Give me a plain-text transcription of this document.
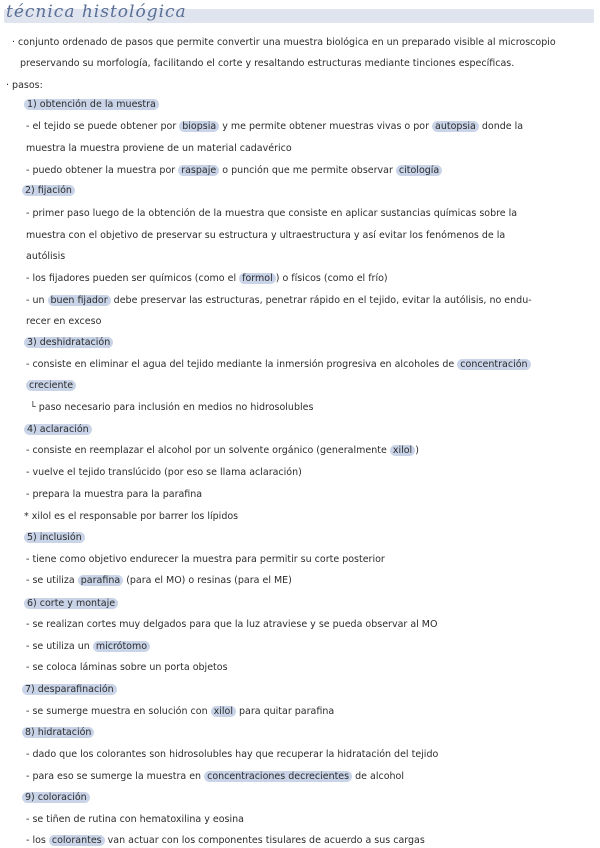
técnica histológica
· conjunto ordenado de pasos que permite convertir una muestra biológica en un preparado visible al microscopio
preservando su morfología, facilitando el corte y resaltando estructuras mediante tinciones específicas.
· pasos:
1) obtención de la muestra
- el tejido se puede obtener por biopsia y me permite obtener muestras vivas o por autopsia donde la
muestra la muestra proviene de un material cadavérico
- puedo obtener la muestra por raspaje o punción que me permite observar citología
2) fijación
- primer paso luego de la obtención de la muestra que consiste en aplicar sustancias químicas sobre la
muestra con el objetivo de preservar su estructura y ultraestructura y así evitar los fenómenos de la
autólisis
- los fijadores pueden ser químicos (como el formol ) o físicos (como el frío)
- un buen fijador debe preservar las estructuras, penetrar rápido en el tejido, evitar la autólisis, no endu-
recer en exceso
3) deshidratación
- consiste en eliminar el agua del tejido mediante la inmersión progresiva en alcoholes de concentración
creciente
└ paso necesario para inclusión en medios no hidrosolubles
4) aclaración
- consiste en reemplazar el alcohol por un solvente orgánico (generalmente xilol )
- vuelve el tejido translúcido (por eso se llama aclaración)
- prepara la muestra para la parafina
* xilol es el responsable por barrer los lípidos
5) inclusión
- tiene como objetivo endurecer la muestra para permitir su corte posterior
- se utiliza parafina (para el MO) o resinas (para el ME)
6) corte y montaje
- se realizan cortes muy delgados para que la luz atraviese y se pueda observar al MO
- se utiliza un micrótomo
- se coloca láminas sobre un porta objetos
7) desparafinación
- se sumerge muestra en solución con xilol para quitar parafina
8) hidratación
- dado que los colorantes son hidrosolubles hay que recuperar la hidratación del tejido
- para eso se sumerge la muestra en concentraciones decrecientes de alcohol
9) coloración
- se tiñen de rutina con hematoxilina y eosina
- los colorantes van actuar con los componentes tisulares de acuerdo a sus cargas
